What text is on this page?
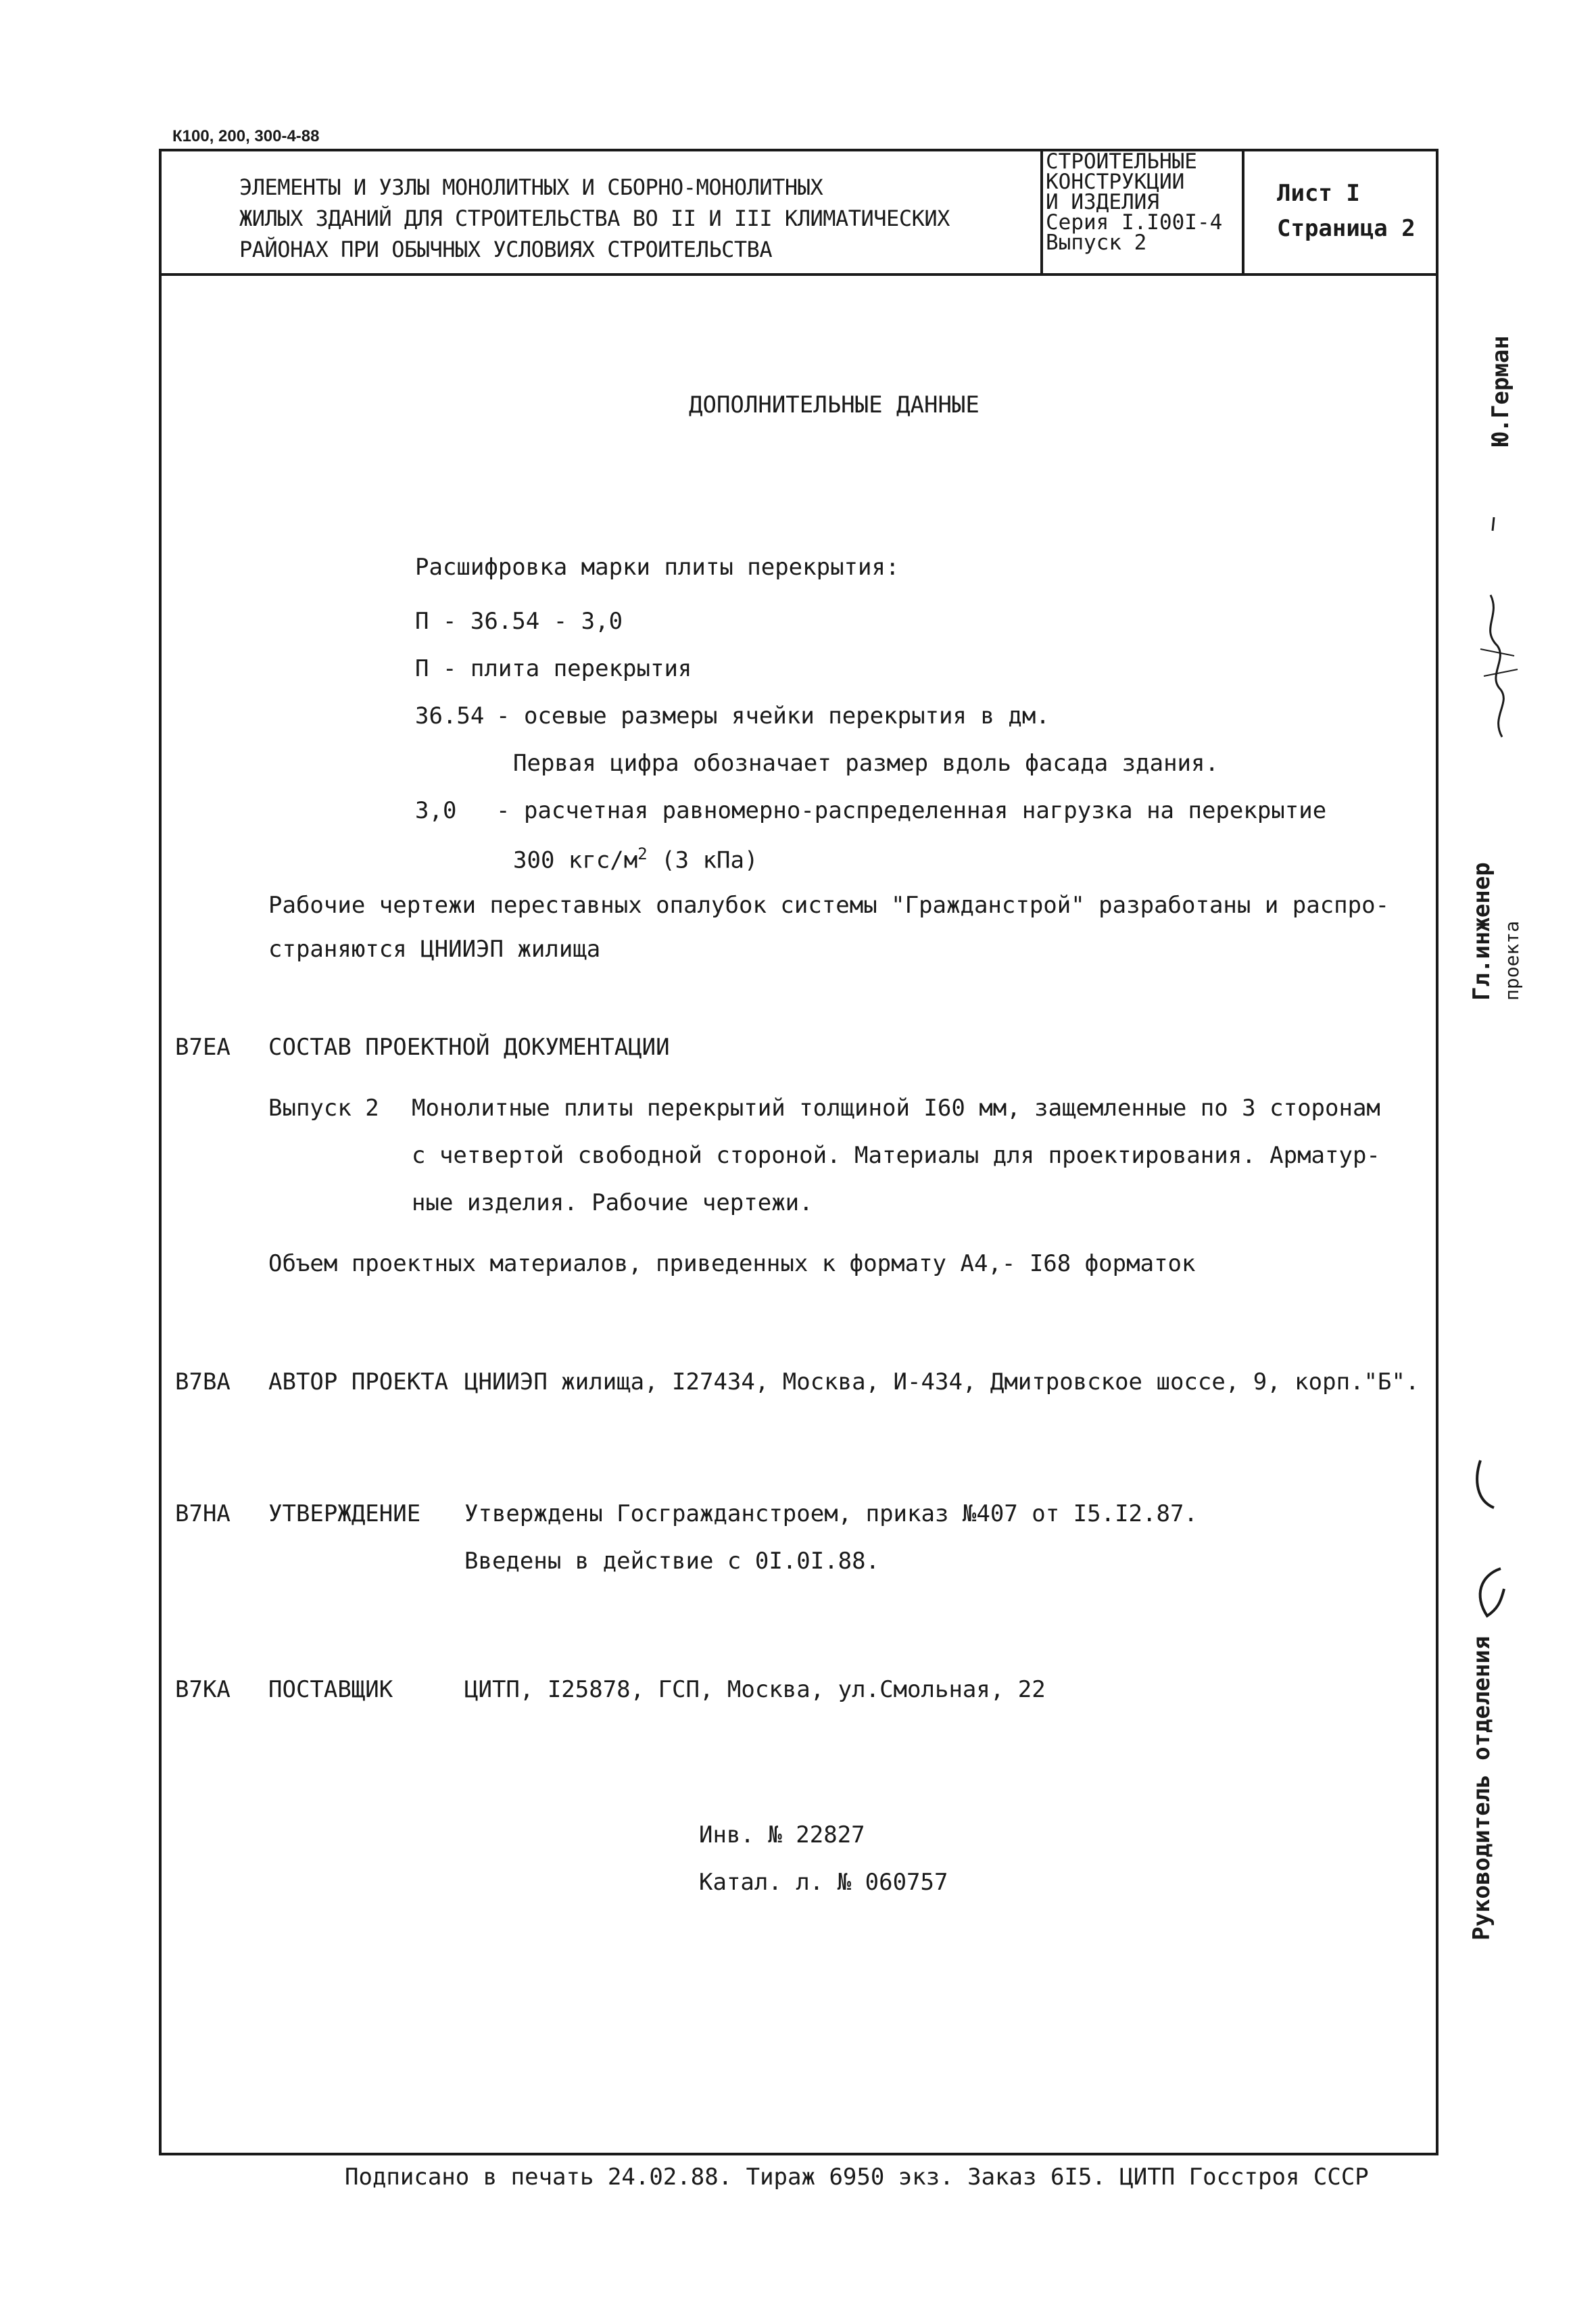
К100, 200, 300-4-88
ЭЛЕМЕНТЫ И УЗЛЫ МОНОЛИТНЫХ И СБОРНО-МОНОЛИТНЫХ
ЖИЛЫХ ЗДАНИЙ ДЛЯ СТРОИТЕЛЬСТВА ВО II И III КЛИМАТИЧЕСКИХ
РАЙОНАХ ПРИ ОБЫЧНЫХ УСЛОВИЯХ СТРОИТЕЛЬСТВА
СТРОИТЕЛЬНЫЕ
КОНСТРУКЦИИ
И ИЗДЕЛИЯ
Серия I.I00I-4
Выпуск 2
Лист I
Страница 2
ДОПОЛНИТЕЛЬНЫЕ ДАННЫЕ
Расшифровка марки плиты перекрытия:
П - 36.54 - 3,0
П - плита перекрытия
36.54 - осевые размеры ячейки перекрытия в дм.
Первая цифра обозначает размер вдоль фасада здания.
3,0 - расчетная равномерно-распределенная нагрузка на перекрытие
300 кгс/$м^2$ (3 кПа)
Рабочие чертежи переставных опалубок системы "Гражданстрой" разработаны и распро-
страняются ЦНИИЭП жилища
В7ЕА СОСТАВ ПРОЕКТНОЙ ДОКУМЕНТАЦИИ
Выпуск 2 Монолитные плиты перекрытий толщиной I60 мм, защемленные по 3 сторонам
с четвертой свободной стороной. Материалы для проектирования. Арматур-
ные изделия. Рабочие чертежи.
Объем проектных материалов, приведенных к формату А4,- I68 форматок
В7ВА АВТОР ПРОЕКТА ЦНИИЭП жилища, I27434, Москва, И-434, Дмитровское шоссе, 9, корп."Б".
В7НА УТВЕРЖДЕНИЕ Утверждены Госгражданстроем, приказ №407 от I5.I2.87.
Введены в действие с 0I.0I.88.
В7КА ПОСТАВЩИК	ЦИТП, I25878, ГСП, Москва, ул.Смольная, 22
Инв. № 22827
Катал. л. № 060757
Ю.Герман
Гл.инженер проекта
Руководитель отделения
Подписано в печать 24.02.88. Тираж 6950 экз. Заказ 6I5. ЦИТП Госстроя СССР
